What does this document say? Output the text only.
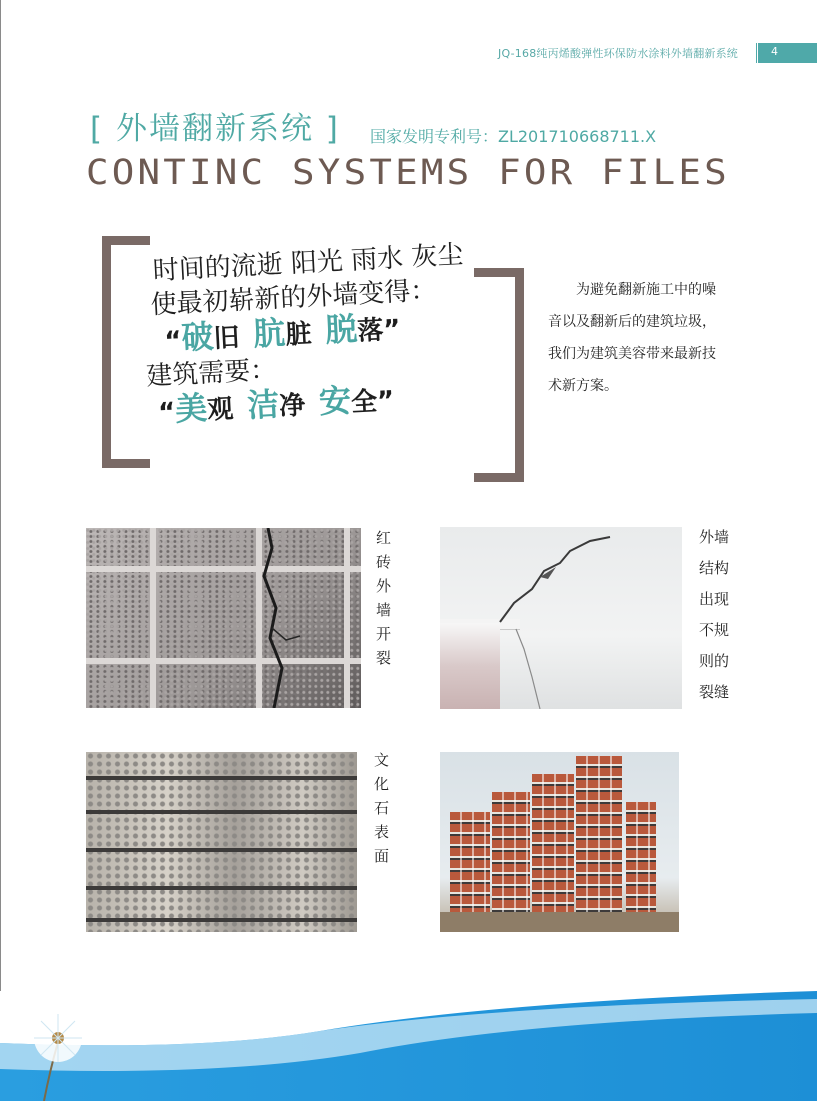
JQ-168纯丙烯酸弹性环保防水涂料外墙翻新系统	4
[ 外墙翻新系统 ] 国家发明专利号：ZL201710668711.X
CONTINC SYSTEMS FOR FILES
时间的流逝 阳光 雨水 灰尘
使最初崭新的外墙变得：
“破旧 肮脏 脱落”
建筑需要：
“美观 洁净 安全”
为避免翻新施工中的噪音以及翻新后的建筑垃圾，我们为建筑美容带来最新技术新方案。
红砖外墙开裂
外墙
结构
出现
不规
则的
裂缝
文化石表面
